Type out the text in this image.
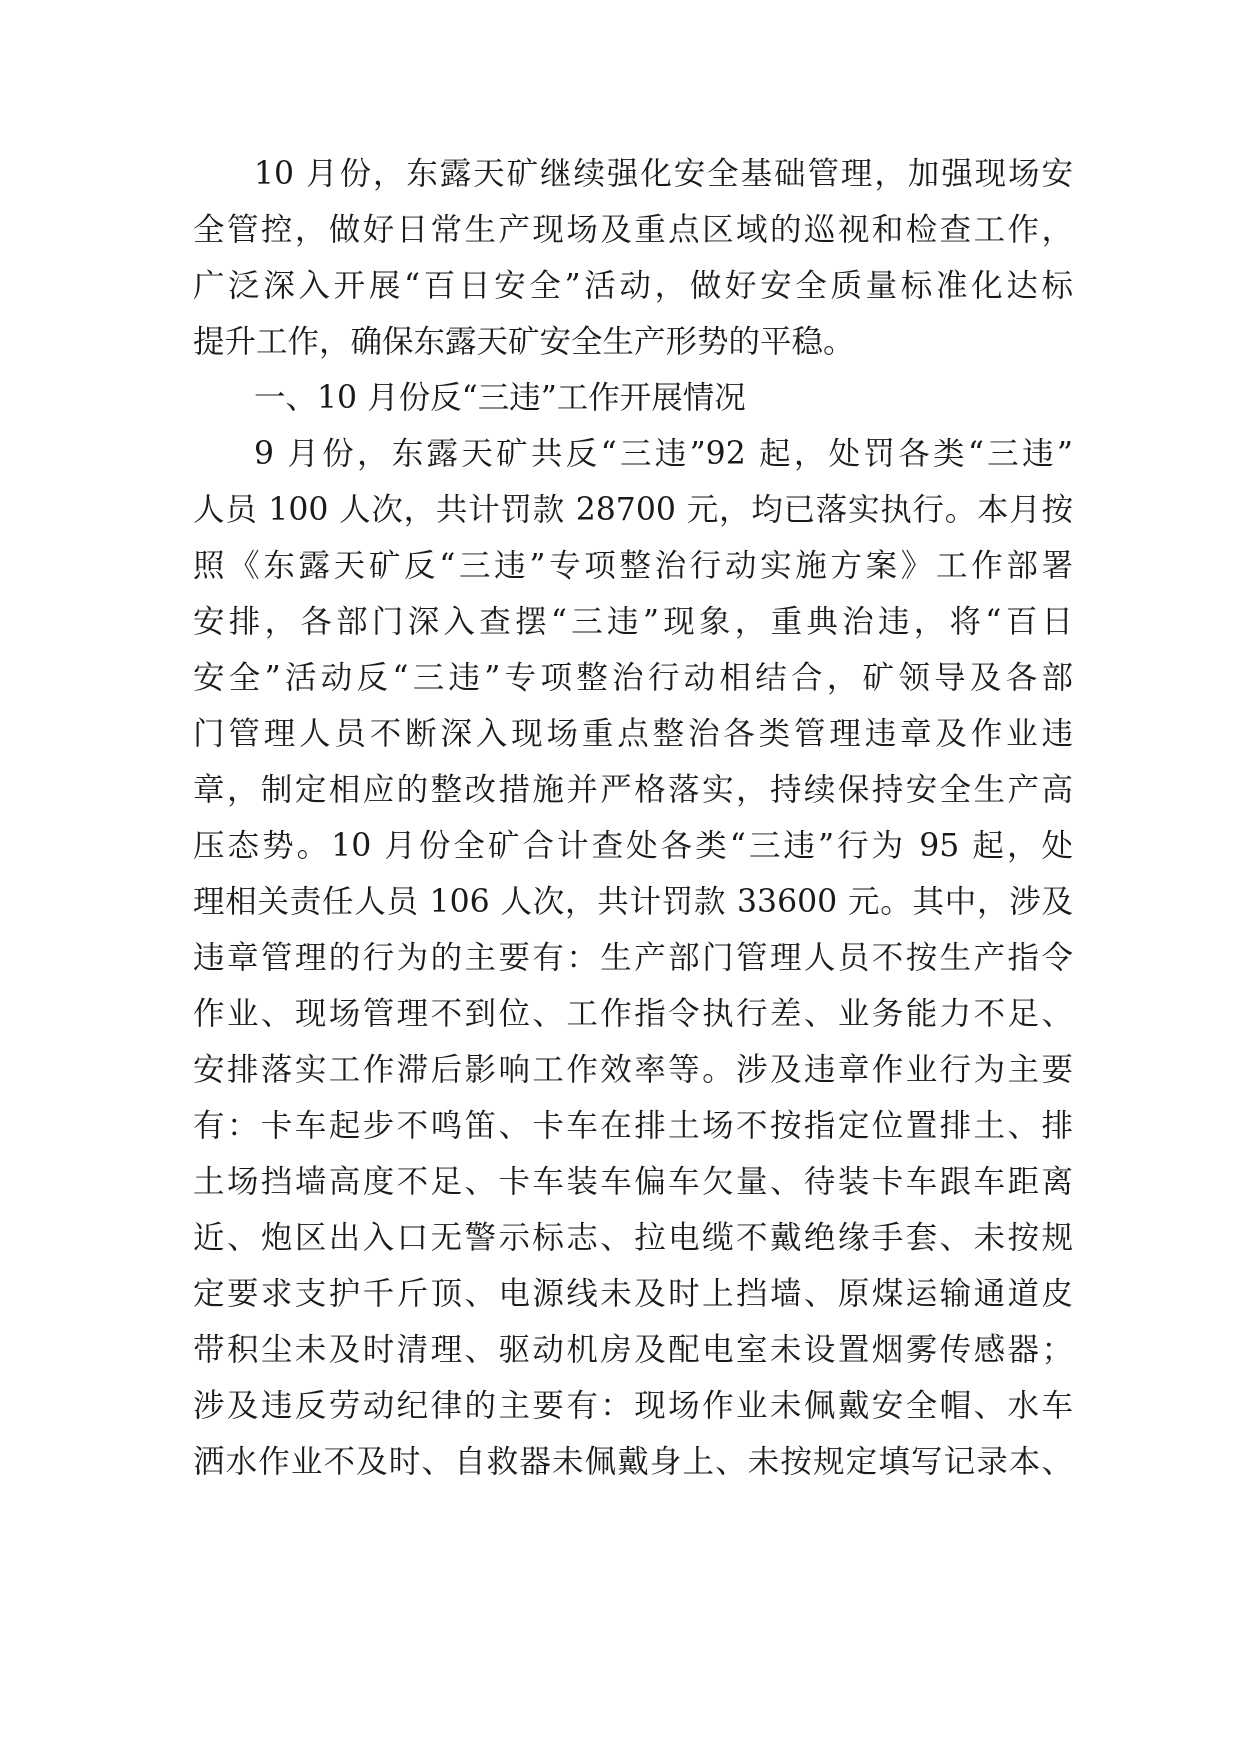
10 月份，东露天矿继续强化安全基础管理，加强现场安
全管控，做好日常生产现场及重点区域的巡视和检查工作，
广泛深入开展“百日安全”活动，做好安全质量标准化达标
提升工作，确保东露天矿安全生产形势的平稳。
一、10 月份反“三违”工作开展情况
9 月份，东露天矿共反“三违”92 起，处罚各类“三违”
人员 100 人次，共计罚款 28700 元，均已落实执行。本月按
照《东露天矿反“三违”专项整治行动实施方案》工作部署
安排，各部门深入查摆“三违”现象，重典治违，将“百日
安全”活动反“三违”专项整治行动相结合，矿领导及各部
门管理人员不断深入现场重点整治各类管理违章及作业违
章，制定相应的整改措施并严格落实，持续保持安全生产高
压态势。10 月份全矿合计查处各类“三违”行为 95 起，处
理相关责任人员 106 人次，共计罚款 33600 元。其中，涉及
违章管理的行为的主要有：生产部门管理人员不按生产指令
作业、现场管理不到位、工作指令执行差、业务能力不足、
安排落实工作滞后影响工作效率等。涉及违章作业行为主要
有：卡车起步不鸣笛、卡车在排土场不按指定位置排土、排
土场挡墙高度不足、卡车装车偏车欠量、待装卡车跟车距离
近、炮区出入口无警示标志、拉电缆不戴绝缘手套、未按规
定要求支护千斤顶、电源线未及时上挡墙、原煤运输通道皮
带积尘未及时清理、驱动机房及配电室未设置烟雾传感器；
涉及违反劳动纪律的主要有：现场作业未佩戴安全帽、水车
洒水作业不及时、自救器未佩戴身上、未按规定填写记录本、
